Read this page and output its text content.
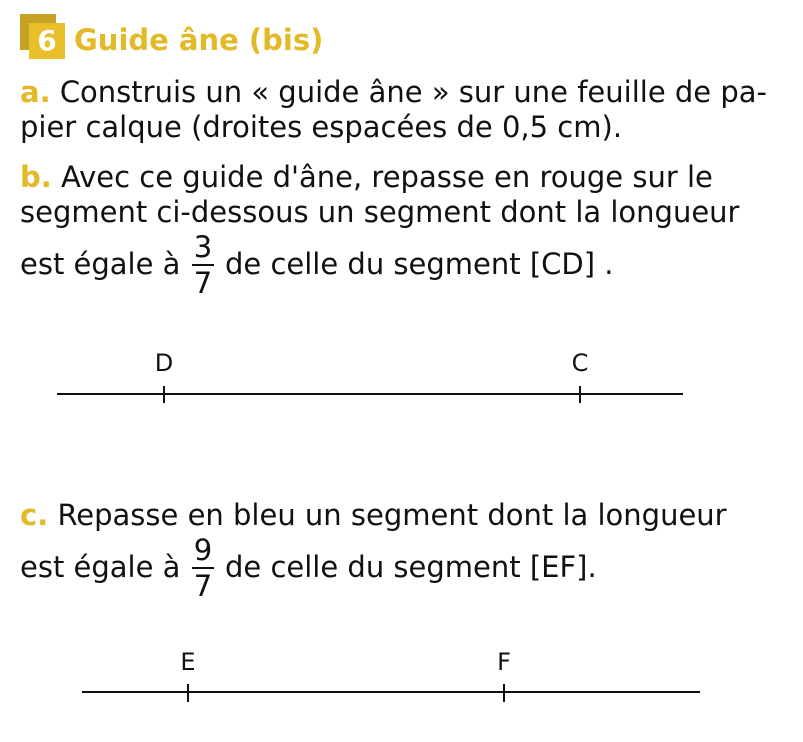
6 Guide âne (bis)
a. Construis un « guide âne » sur une feuille de pa-
pier calque (droites espacées de 0,5 cm).
b. Avec ce guide d'âne, repasse en rouge sur le
segment ci-dessous un segment dont la longueur
est égale à 3
7
de celle du segment [CD] .
D	C
c. Repasse en bleu un segment dont la longueur
est égale à 9
7
de celle du segment [EF].
E	F
